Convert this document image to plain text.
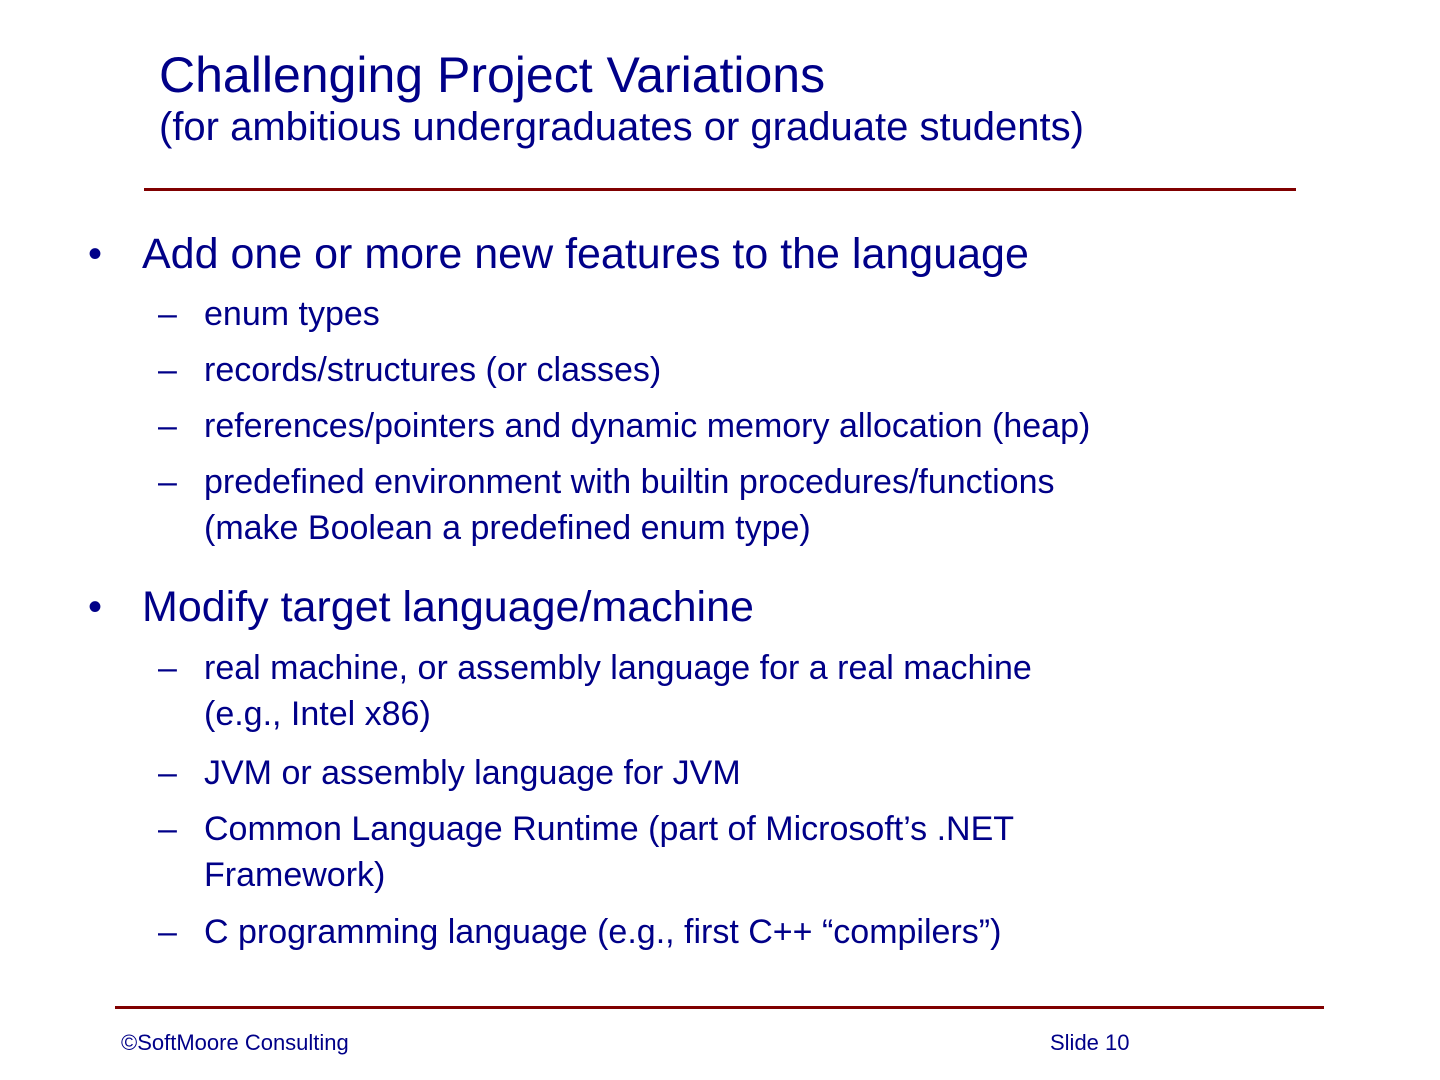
Challenging Project Variations
(for ambitious undergraduates or graduate students)
• Add one or more new features to the language
– enum types
– records/structures (or classes)
– references/pointers and dynamic memory allocation (heap)
– predefined environment with builtin procedures/functions
(make Boolean a predefined enum type)
• Modify target language/machine
– real machine, or assembly language for a real machine
(e.g., Intel x86)
– JVM or assembly language for JVM
– Common Language Runtime (part of Microsoft’s .NET
Framework)
– C programming language (e.g., first C++ “compilers”)
©SoftMoore Consulting	Slide 10
